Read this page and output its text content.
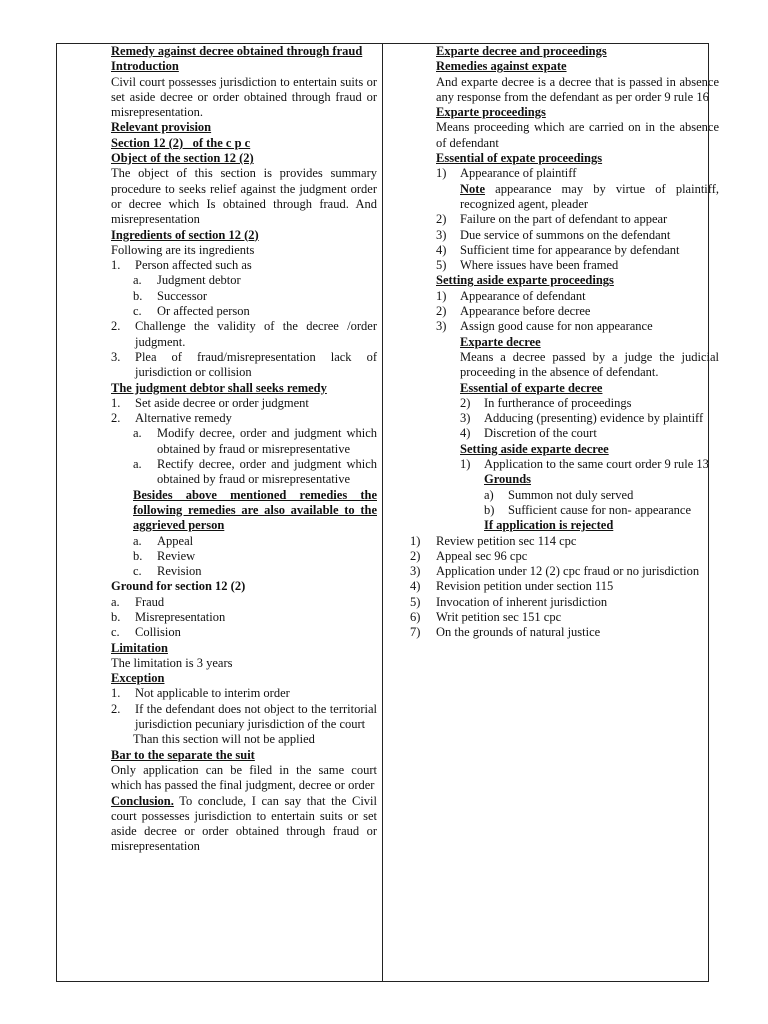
Remedy against decree obtained through fraud
Introduction
Civil court possesses jurisdiction to entertain suits or set aside decree or order obtained through fraud or misrepresentation.
Relevant provision
Section 12 (2)   of the c p c
Object of the section 12 (2)
The object of this section is provides summary procedure to seeks relief against the judgment order or decree which Is obtained through fraud. And misrepresentation
Ingredients of section 12 (2)
Following are its ingredients
1.	Person affected such as
a.	Judgment debtor
b.	Successor
c.	Or affected person
2.	Challenge the validity of the decree /order judgment.
3.	Plea of fraud/misrepresentation lack of jurisdiction or collision
The judgment debtor shall seeks remedy
1.	Set aside decree or order judgment
2.	Alternative remedy
a.	Modify decree, order and judgment which obtained by fraud or misrepresentative
a.	Rectify decree, order and judgment which obtained by fraud or misrepresentative
Besides above mentioned remedies the following remedies are also available to the aggrieved person
a.	Appeal
b.	Review
c.	Revision
Ground for section 12 (2)
a.	Fraud
b.	Misrepresentation
c.	Collision
Limitation
The limitation is 3 years
Exception
1.	Not applicable to interim order
2.	If the defendant does not object to the territorial jurisdiction pecuniary jurisdiction of the court
Than this section will not be applied
Bar to the separate the suit
Only application can be filed in the same court which has passed the final judgment, decree or order
Conclusion. To conclude, I can say that the Civil court possesses jurisdiction to entertain suits or set aside decree or order obtained through fraud or misrepresentation
Exparte decree and proceedings
Remedies against expate
And exparte decree is a decree that is passed in absence any response from the defendant as per order 9 rule 16
Exparte proceedings
Means proceeding which are carried on in the absence of defendant
Essential of expate proceedings
1)	Appearance of plaintiff
Note appearance may by virtue of plaintiff, recognized agent, pleader
2)	Failure on the part of defendant to appear
3)	Due service of summons on the defendant
4)	Sufficient time for appearance by defendant
5)	Where issues have been framed
Setting aside exparte proceedings
1)	Appearance of defendant
2)	Appearance before decree
3)	Assign good cause for non appearance
Exparte decree
Means a decree passed by a judge the judicial proceeding in the absence of defendant.
Essential of exparte decree
2)	In furtherance of proceedings
3)	Adducing (presenting) evidence by plaintiff
4)	Discretion of the court
Setting aside exparte decree
1)	Application to the same court order 9 rule 13
Grounds
a)	Summon not duly served
b)	Sufficient cause for non- appearance
If application is rejected
1)	Review petition sec 114 cpc
2)	Appeal sec 96 cpc
3)	Application under 12 (2) cpc fraud or no jurisdiction
4)	Revision petition under section 115
5)	Invocation of inherent jurisdiction
6)	Writ petition sec 151 cpc
7)	On the grounds of natural justice
